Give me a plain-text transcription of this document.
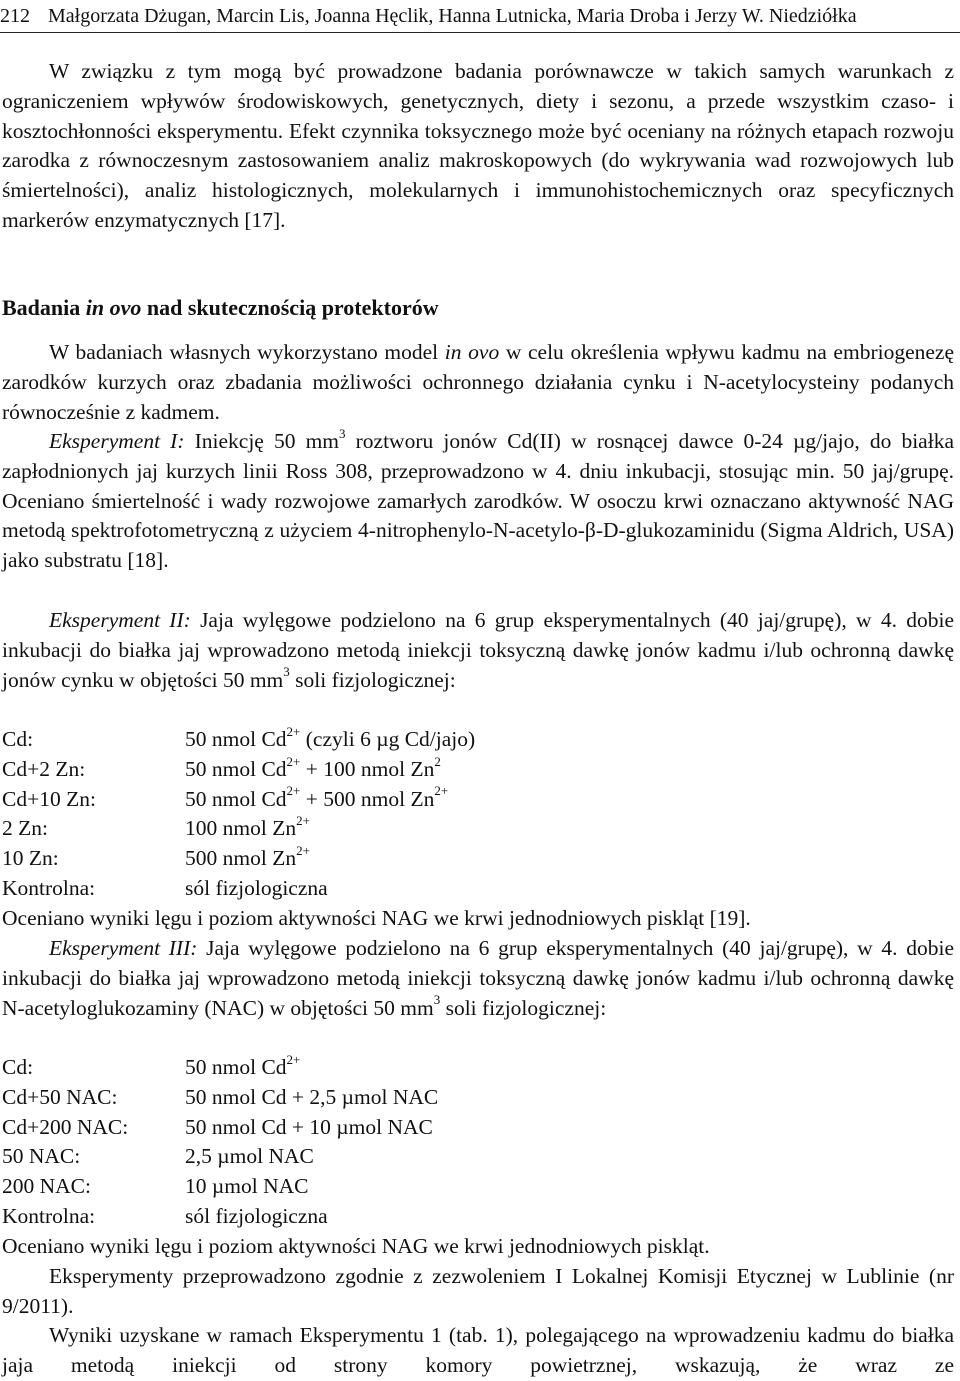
212 Małgorzata Dżugan, Marcin Lis, Joanna Hęclik, Hanna Lutnicka, Maria Droba i Jerzy W. Niedziółka
W związku z tym mogą być prowadzone badania porównawcze w takich samych warunkach z ograniczeniem wpływów środowiskowych, genetycznych, diety i sezonu, a przede wszystkim czaso- i kosztochłonności eksperymentu. Efekt czynnika toksycznego może być oceniany na różnych etapach rozwoju zarodka z równoczesnym zastosowaniem analiz makroskopowych (do wykrywania wad rozwojowych lub śmiertelności), analiz histologicznych, molekularnych i immunohistochemicznych oraz specyficznych markerów enzymatycznych [17].
Badania in ovo nad skutecznością protektorów
W badaniach własnych wykorzystano model in ovo w celu określenia wpływu kadmu na embriogenezę zarodków kurzych oraz zbadania możliwości ochronnego działania cynku i N-acetylocysteiny podanych równocześnie z kadmem.
Eksperyment I: Iniekcję 50 $mm^3$ roztworu jonów Cd(II) w rosnącej dawce 0-24 µg/jajo, do białka zapłodnionych jaj kurzych linii Ross 308, przeprowadzono w 4. dniu inkubacji, stosując min. 50 jaj/grupę. Oceniano śmiertelność i wady rozwojowe zamarłych zarodków. W osoczu krwi oznaczano aktywność NAG metodą spektrofotometryczną z użyciem 4-nitrophenylo-N-acetylo-β-D-glukozaminidu (Sigma Aldrich, USA) jako substratu [18].
Eksperyment II: Jaja wylęgowe podzielono na 6 grup eksperymentalnych (40 jaj/grupę), w 4. dobie inkubacji do białka jaj wprowadzono metodą iniekcji toksyczną dawkę jonów kadmu i/lub ochronną dawkę jonów cynku w objętości 50 $mm^3$ soli fizjologicznej:
Cd:	50 nmol $Cd^{2+}$ (czyli 6 µg Cd/jajo)
Cd+2 Zn:	50 nmol $Cd^{2+} + 100$ nmol Zn$^2$
Cd+10 Zn:	50 nmol $Cd^{2+} + 500$ nmol $Zn^{2+}$
2 Zn:	100 nmol $Zn^{2+}$
10 Zn:	500 nmol $Zn^{2+}$
Kontrolna:	sól fizjologiczna
Oceniano wyniki lęgu i poziom aktywności NAG we krwi jednodniowych piskląt [19].
Eksperyment III: Jaja wylęgowe podzielono na 6 grup eksperymentalnych (40 jaj/grupę), w 4. dobie inkubacji do białka jaj wprowadzono metodą iniekcji toksyczną dawkę jonów kadmu i/lub ochronną dawkę N-acetyloglukozaminy (NAC) w objętości 50 $mm^3$ soli fizjologicznej:
Cd:	50 nmol $Cd^{2+}$
Cd+50 NAC:	50 nmol Cd + 2,5 µmol NAC
Cd+200 NAC:	50 nmol Cd + 10 µmol NAC
50 NAC:	2,5 µmol NAC
200 NAC:	10 µmol NAC
Kontrolna:	sól fizjologiczna
Oceniano wyniki lęgu i poziom aktywności NAG we krwi jednodniowych piskląt.
Eksperymenty przeprowadzono zgodnie z zezwoleniem I Lokalnej Komisji Etycznej w Lublinie (nr 9/2011).
Wyniki uzyskane w ramach Eksperymentu 1 (tab. 1), polegającego na wprowadzeniu kadmu do białka jaja metodą iniekcji od strony komory powietrznej, wskazują, że wraz ze
